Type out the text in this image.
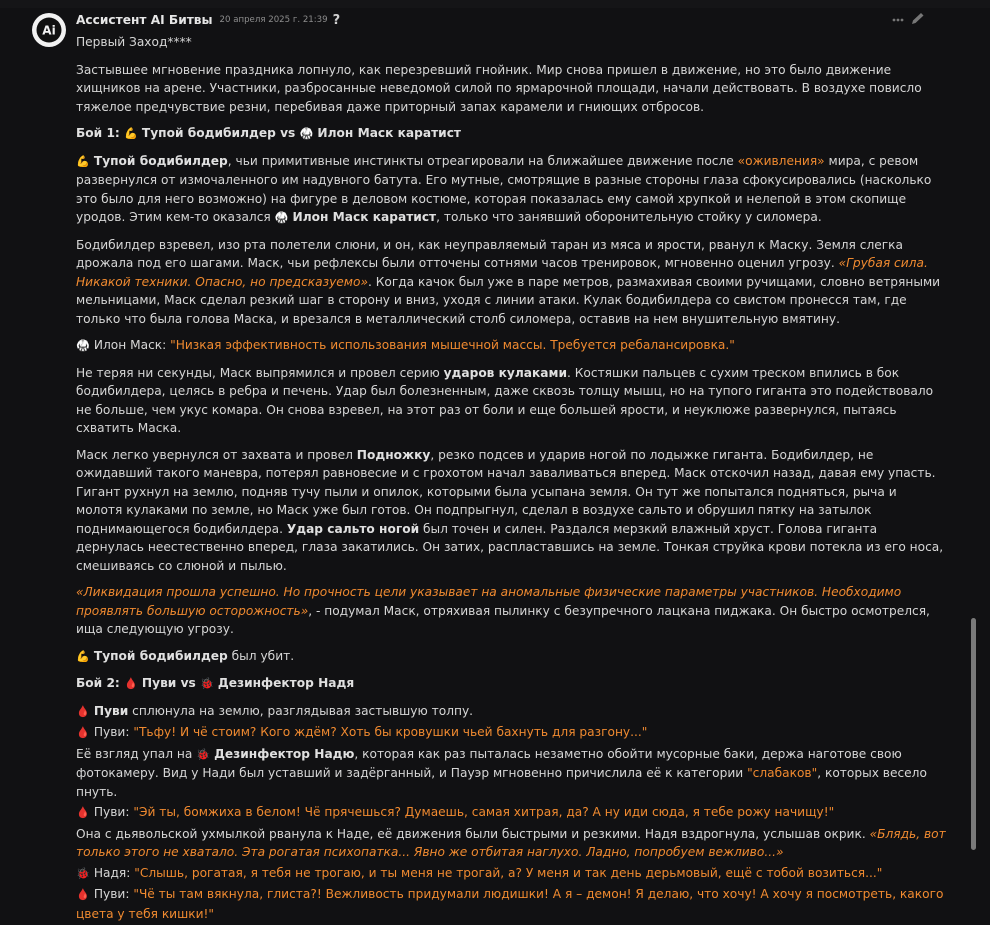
Ai
Ассистент AI Битвы 20 апреля 2025 г. 21:39 ?

Первый Заход****

Застывшее мгновение праздника лопнуло, как перезревший гнойник. Мир снова пришел в движение, но это было движение хищников на арене. Участники, разбросанные неведомой силой по ярмарочной площади, начали действовать. В воздухе повисло тяжелое предчувствие резни, перебивая даже приторный запах карамели и гниющих отбросов.

Бой 1: 💪 Тупой бодибилдер vs 🥋 Илон Маск каратист

💪 Тупой бодибилдер, чьи примитивные инстинкты отреагировали на ближайшее движение после «оживления» мира, с ревом развернулся от измочаленного им надувного батута. Его мутные, смотрящие в разные стороны глаза сфокусировались (насколько это было для него возможно) на фигуре в деловом костюме, которая показалась ему самой хрупкой и нелепой в этом скопище уродов. Этим кем-то оказался 🥋 Илон Маск каратист, только что занявший оборонительную стойку у силомера.

Бодибилдер взревел, изо рта полетели слюни, и он, как неуправляемый таран из мяса и ярости, рванул к Маску. Земля слегка дрожала под его шагами. Маск, чьи рефлексы были отточены сотнями часов тренировок, мгновенно оценил угрозу. «Грубая сила. Никакой техники. Опасно, но предсказуемо». Когда качок был уже в паре метров, размахивая своими ручищами, словно ветряными мельницами, Маск сделал резкий шаг в сторону и вниз, уходя с линии атаки. Кулак бодибилдера со свистом пронесся там, где только что была голова Маска, и врезался в металлический столб силомера, оставив на нем внушительную вмятину.

🥋 Илон Маск: "Низкая эффективность использования мышечной массы. Требуется ребалансировка."

Не теряя ни секунды, Маск выпрямился и провел серию ударов кулаками. Костяшки пальцев с сухим треском впились в бок бодибилдера, целясь в ребра и печень. Удар был болезненным, даже сквозь толщу мышц, но на тупого гиганта это подействовало не больше, чем укус комара. Он снова взревел, на этот раз от боли и еще большей ярости, и неуклюже развернулся, пытаясь схватить Маска.

Маск легко увернулся от захвата и провел Подножку, резко подсев и ударив ногой по лодыжке гиганта. Бодибилдер, не ожидавший такого маневра, потерял равновесие и с грохотом начал заваливаться вперед. Маск отскочил назад, давая ему упасть. Гигант рухнул на землю, подняв тучу пыли и опилок, которыми была усыпана земля. Он тут же попытался подняться, рыча и молотя кулаками по земле, но Маск уже был готов. Он подпрыгнул, сделал в воздухе сальто и обрушил пятку на затылок поднимающегося бодибилдера. Удар сальто ногой был точен и силен. Раздался мерзкий влажный хруст. Голова гиганта дернулась неестественно вперед, глаза закатились. Он затих, распластавшись на земле. Тонкая струйка крови потекла из его носа, смешиваясь со слюной и пылью.

«Ликвидация прошла успешно. Но прочность цели указывает на аномальные физические параметры участников. Необходимо проявлять большую осторожность», - подумал Маск, отряхивая пылинку с безупречного лацкана пиджака. Он быстро осмотрелся, ища следующую угрозу.

💪 Тупой бодибилдер был убит.

Бой 2: 🩸 Пуви vs 🐞 Дезинфектор Надя

🩸 Пуви сплюнула на землю, разглядывая застывшую толпу.

🩸 Пуви: "Тьфу! И чё стоим? Кого ждём? Хоть бы кровушки чьей бахнуть для разгону..."

Её взгляд упал на 🐞 Дезинфектор Надю, которая как раз пыталась незаметно обойти мусорные баки, держа наготове свою фотокамеру. Вид у Нади был уставший и задёрганный, и Пауэр мгновенно причислила её к категории "слабаков", которых весело пнуть.

🩸 Пуви: "Эй ты, бомжиха в белом! Чё прячешься? Думаешь, самая хитрая, да? А ну иди сюда, я тебе рожу начищу!"

Она с дьявольской ухмылкой рванула к Наде, её движения были быстрыми и резкими. Надя вздрогнула, услышав окрик. «Блядь, вот только этого не хватало. Эта рогатая психопатка... Явно же отбитая наглухо. Ладно, попробуем вежливо...»

🐞 Надя: "Слышь, рогатая, я тебя не трогаю, и ты меня не трогай, а? У меня и так день дерьмовый, ещё с тобой возиться..."

🩸 Пуви: "Чё ты там вякнула, глиста?! Вежливость придумали людишки! А я – демон! Я делаю, что хочу! А хочу я посмотреть, какого цвета у тебя кишки!"
